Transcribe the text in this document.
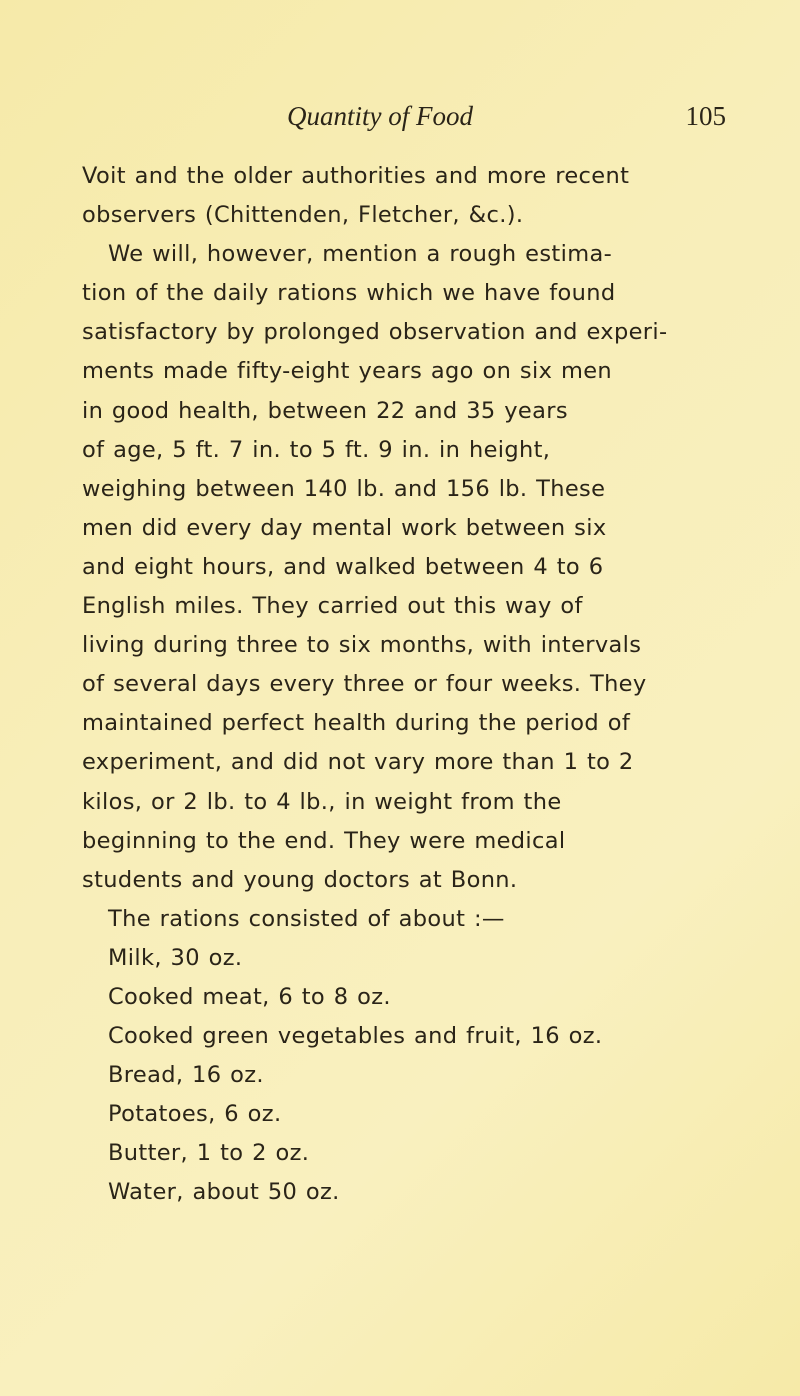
Quantity of Food	105
Voit and the older authorities and more recent
observers (Chittenden, Fletcher, &c.).
We will, however, mention a rough estima-
tion of the daily rations which we have found
satisfactory by prolonged observation and experi-
ments made fifty-eight years ago on six men
in good health, between 22 and 35 years
of age, 5 ft. 7 in. to 5 ft. 9 in. in height,
weighing between 140 lb. and 156 lb. These
men did every day mental work between six
and eight hours, and walked between 4 to 6
English miles. They carried out this way of
living during three to six months, with intervals
of several days every three or four weeks. They
maintained perfect health during the period of
experiment, and did not vary more than 1 to 2
kilos, or 2 lb. to 4 lb., in weight from the
beginning to the end. They were medical
students and young doctors at Bonn.
The rations consisted of about :—
Milk, 30 oz.
Cooked meat, 6 to 8 oz.
Cooked green vegetables and fruit, 16 oz.
Bread, 16 oz.
Potatoes, 6 oz.
Butter, 1 to 2 oz.
Water, about 50 oz.
